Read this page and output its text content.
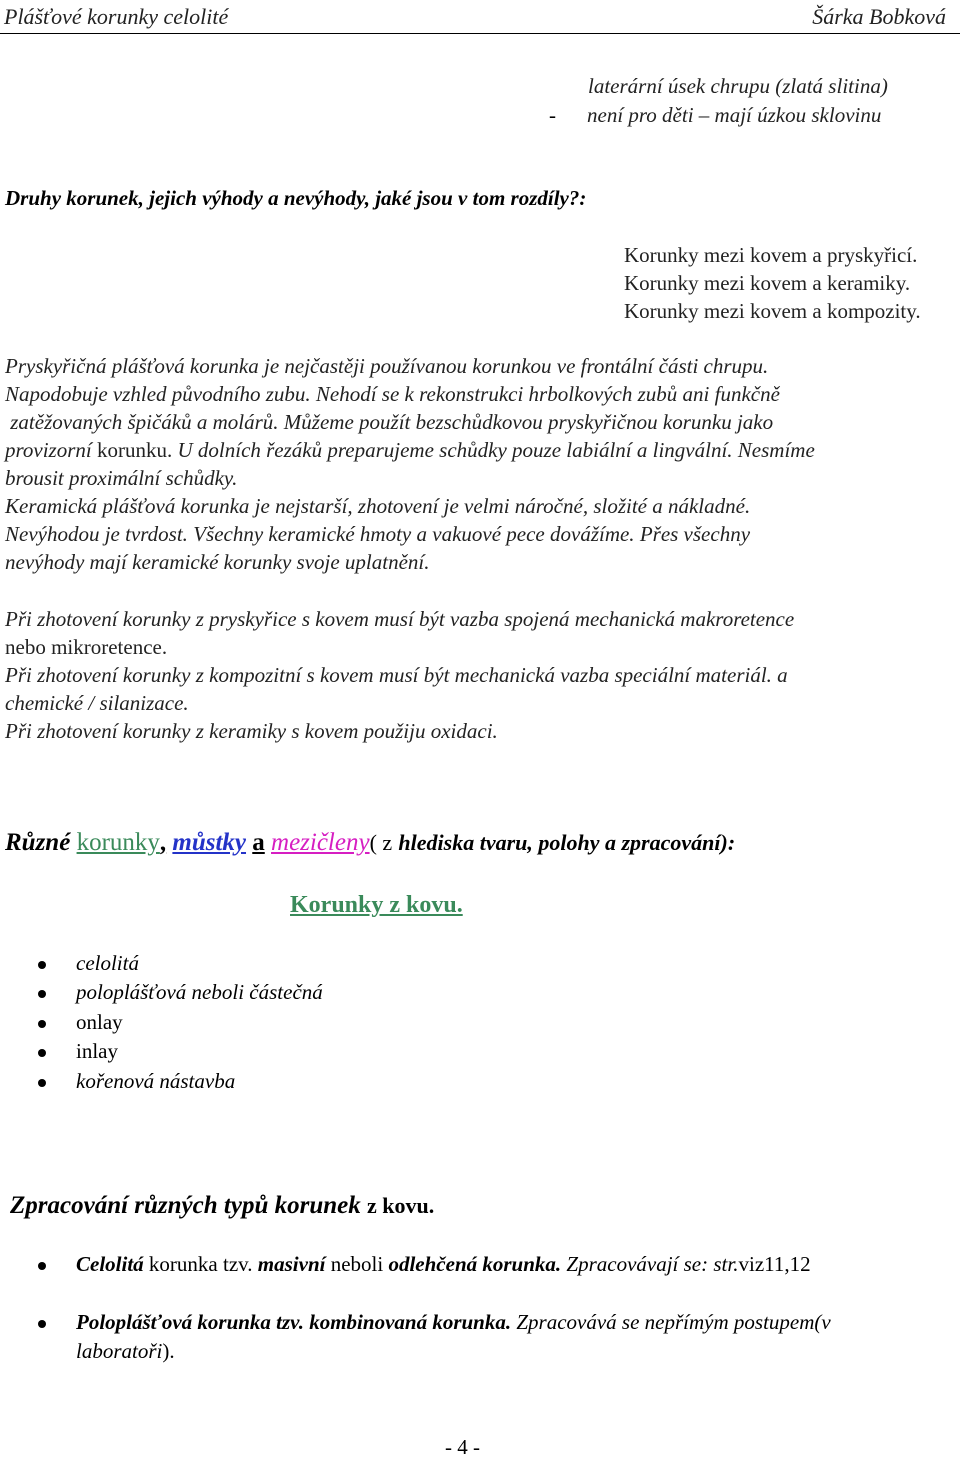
Plášťové korunky celolité	Šárka Bobková
laterární úsek chrupu (zlatá slitina)
- není pro děti – mají úzkou sklovinu
Druhy korunek, jejich výhody a nevýhody, jaké jsou v tom rozdíly?:
Korunky mezi kovem a pryskyřicí.
Korunky mezi kovem a keramiky.
Korunky mezi kovem a kompozity.

Pryskyřičná plášťová korunka je nejčastěji používanou korunkou ve frontální části chrupu.

Napodobuje vzhled původního zubu. Nehodí se k rekonstrukci hrbolkových zubů ani funkčně

zatěžovaných špičáků a molárů. Můžeme použít bezschůdkovou pryskyřičnou korunku jako

provizorní korunku. U dolních řezáků preparujeme schůdky pouze labiální a lingvální. Nesmíme

brousit proximální schůdky.

Keramická plášťová korunka je nejstarší, zhotovení je velmi náročné, složité a nákladné.

Nevýhodou je tvrdost. Všechny keramické hmoty a vakuové pece dovážíme. Přes všechny

nevýhody mají keramické korunky svoje uplatnění.

Při zhotovení korunky z pryskyřice s kovem musí být vazba spojená mechanická makroretence

nebo mikroretence.

Při zhotovení korunky z kompozitní s kovem musí být mechanická vazba speciální materiál. a

chemické / silanizace.

Při zhotovení korunky z keramiky s kovem použiju oxidaci.

Různé korunky, můstky a mezičleny( z hlediska tvaru, polohy a zpracování):
Korunky z kovu.
celolitá
poloplášťová neboli částečná
onlay
inlay
kořenová nástavba
Zpracování různých typů korunek z kovu.
Celolitá korunka tzv. masivní neboli odlehčená korunka. Zpracovávají se: str.viz11,12
Poloplášťová korunka tzv. kombinovaná korunka. Zpracovává se nepřímým postupem(v
laboratoři).
- 4 -
